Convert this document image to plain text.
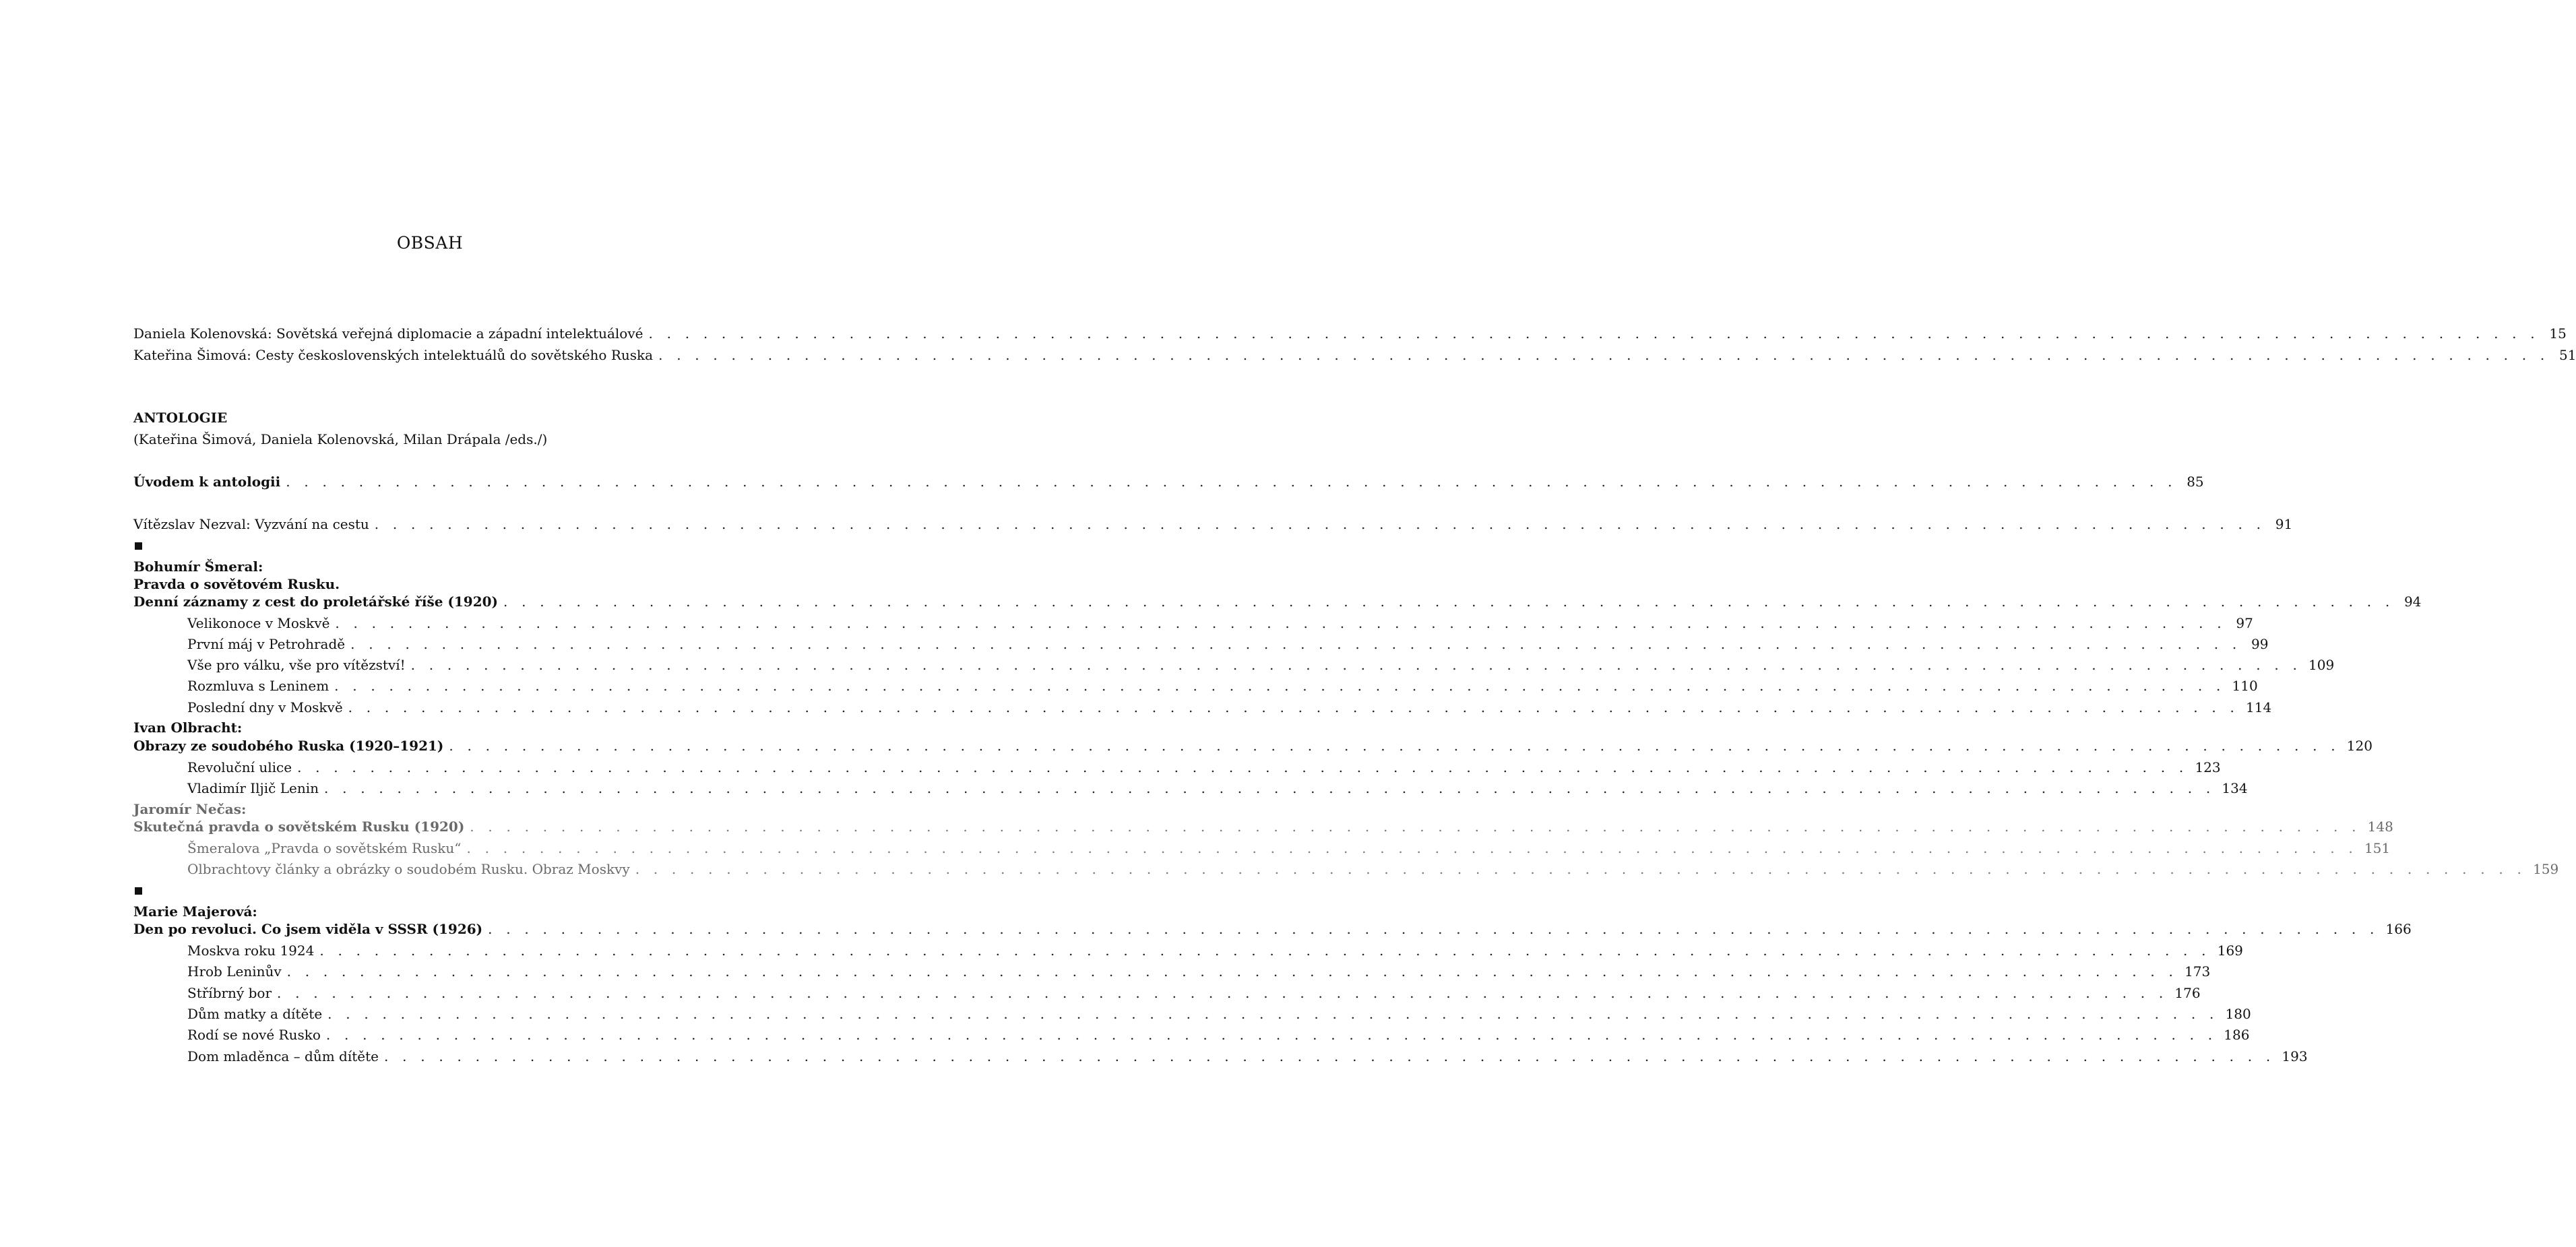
OBSAH
Daniela Kolenovská: Sovětská veřejná diplomacie a západní intelektuálové . . . . . . . . . . . . . . . . . . . . . . . . . . . . . . . . . . . . . . . . . . . . . . . . . . . . . . . . . . . . . . . . . . . . . . . . . . . . . . . . . . . . . . . . . . . . . . . . . . . . . . . . 15
Kateřina Šimová: Cesty československých intelektuálů do sovětského Ruska . . . . . . . . . . . . . . . . . . . . . . . . . . . . . . . . . . . . . . . . . . . . . . . . . . . . . . . . . . . . . . . . . . . . . . . . . . . . . . . . . . . . . . . . . . . . . . . . . . . . . . . . 51
ANTOLOGIE
(Kateřina Šimová, Daniela Kolenovská, Milan Drápala /eds./)
Úvodem k antologii . . . . . . . . . . . . . . . . . . . . . . . . . . . . . . . . . . . . . . . . . . . . . . . . . . . . . . . . . . . . . . . . . . . . . . . . . . . . . . . . . . . . . . . . . . . . . . . . . . . . . . . . 85
Vítězslav Nezval: Vyzvání na cestu . . . . . . . . . . . . . . . . . . . . . . . . . . . . . . . . . . . . . . . . . . . . . . . . . . . . . . . . . . . . . . . . . . . . . . . . . . . . . . . . . . . . . . . . . . . . . . . . . . . . . . . . 91
Bohumír Šmeral:
Pravda o sovětovém Rusku.
Denní záznamy z cest do proletářské říše (1920) . . . . . . . . . . . . . . . . . . . . . . . . . . . . . . . . . . . . . . . . . . . . . . . . . . . . . . . . . . . . . . . . . . . . . . . . . . . . . . . . . . . . . . . . . . . . . . . . . . . . . . . . 94
Velikonoce v Moskvě . . . . . . . . . . . . . . . . . . . . . . . . . . . . . . . . . . . . . . . . . . . . . . . . . . . . . . . . . . . . . . . . . . . . . . . . . . . . . . . . . . . . . . . . . . . . . . . . . . . . . . . . 97
První máj v Petrohradě . . . . . . . . . . . . . . . . . . . . . . . . . . . . . . . . . . . . . . . . . . . . . . . . . . . . . . . . . . . . . . . . . . . . . . . . . . . . . . . . . . . . . . . . . . . . . . . . . . . . . . . . 99
Vše pro válku, vše pro vítězství! . . . . . . . . . . . . . . . . . . . . . . . . . . . . . . . . . . . . . . . . . . . . . . . . . . . . . . . . . . . . . . . . . . . . . . . . . . . . . . . . . . . . . . . . . . . . . . . . . . . . . . . . 109
Rozmluva s Leninem . . . . . . . . . . . . . . . . . . . . . . . . . . . . . . . . . . . . . . . . . . . . . . . . . . . . . . . . . . . . . . . . . . . . . . . . . . . . . . . . . . . . . . . . . . . . . . . . . . . . . . . . 110
Poslední dny v Moskvě . . . . . . . . . . . . . . . . . . . . . . . . . . . . . . . . . . . . . . . . . . . . . . . . . . . . . . . . . . . . . . . . . . . . . . . . . . . . . . . . . . . . . . . . . . . . . . . . . . . . . . . . 114
Ivan Olbracht:
Obrazy ze soudobého Ruska (1920–1921) . . . . . . . . . . . . . . . . . . . . . . . . . . . . . . . . . . . . . . . . . . . . . . . . . . . . . . . . . . . . . . . . . . . . . . . . . . . . . . . . . . . . . . . . . . . . . . . . . . . . . . . . 120
Revoluční ulice . . . . . . . . . . . . . . . . . . . . . . . . . . . . . . . . . . . . . . . . . . . . . . . . . . . . . . . . . . . . . . . . . . . . . . . . . . . . . . . . . . . . . . . . . . . . . . . . . . . . . . . . 123
Vladimír Iljič Lenin . . . . . . . . . . . . . . . . . . . . . . . . . . . . . . . . . . . . . . . . . . . . . . . . . . . . . . . . . . . . . . . . . . . . . . . . . . . . . . . . . . . . . . . . . . . . . . . . . . . . . . . . 134
Jaromír Nečas:
Skutečná pravda o sovětském Rusku (1920) . . . . . . . . . . . . . . . . . . . . . . . . . . . . . . . . . . . . . . . . . . . . . . . . . . . . . . . . . . . . . . . . . . . . . . . . . . . . . . . . . . . . . . . . . . . . . . . . . . . . . . . . 148
Šmeralova „Pravda o sovětském Rusku“ . . . . . . . . . . . . . . . . . . . . . . . . . . . . . . . . . . . . . . . . . . . . . . . . . . . . . . . . . . . . . . . . . . . . . . . . . . . . . . . . . . . . . . . . . . . . . . . . . . . . . . . . 151
Olbrachtovy články a obrázky o soudobém Rusku. Obraz Moskvy . . . . . . . . . . . . . . . . . . . . . . . . . . . . . . . . . . . . . . . . . . . . . . . . . . . . . . . . . . . . . . . . . . . . . . . . . . . . . . . . . . . . . . . . . . . . . . . . . . . . . . . . 159
Marie Majerová:
Den po revoluci. Co jsem viděla v SSSR (1926) . . . . . . . . . . . . . . . . . . . . . . . . . . . . . . . . . . . . . . . . . . . . . . . . . . . . . . . . . . . . . . . . . . . . . . . . . . . . . . . . . . . . . . . . . . . . . . . . . . . . . . . . 166
Moskva roku 1924 . . . . . . . . . . . . . . . . . . . . . . . . . . . . . . . . . . . . . . . . . . . . . . . . . . . . . . . . . . . . . . . . . . . . . . . . . . . . . . . . . . . . . . . . . . . . . . . . . . . . . . . . 169
Hrob Leninův . . . . . . . . . . . . . . . . . . . . . . . . . . . . . . . . . . . . . . . . . . . . . . . . . . . . . . . . . . . . . . . . . . . . . . . . . . . . . . . . . . . . . . . . . . . . . . . . . . . . . . . . 173
Stříbrný bor . . . . . . . . . . . . . . . . . . . . . . . . . . . . . . . . . . . . . . . . . . . . . . . . . . . . . . . . . . . . . . . . . . . . . . . . . . . . . . . . . . . . . . . . . . . . . . . . . . . . . . . . 176
Dům matky a dítěte . . . . . . . . . . . . . . . . . . . . . . . . . . . . . . . . . . . . . . . . . . . . . . . . . . . . . . . . . . . . . . . . . . . . . . . . . . . . . . . . . . . . . . . . . . . . . . . . . . . . . . . . 180
Rodí se nové Rusko . . . . . . . . . . . . . . . . . . . . . . . . . . . . . . . . . . . . . . . . . . . . . . . . . . . . . . . . . . . . . . . . . . . . . . . . . . . . . . . . . . . . . . . . . . . . . . . . . . . . . . . . 186
Dom mladěnca – dům dítěte . . . . . . . . . . . . . . . . . . . . . . . . . . . . . . . . . . . . . . . . . . . . . . . . . . . . . . . . . . . . . . . . . . . . . . . . . . . . . . . . . . . . . . . . . . . . . . . . . . . . . . . . 193
